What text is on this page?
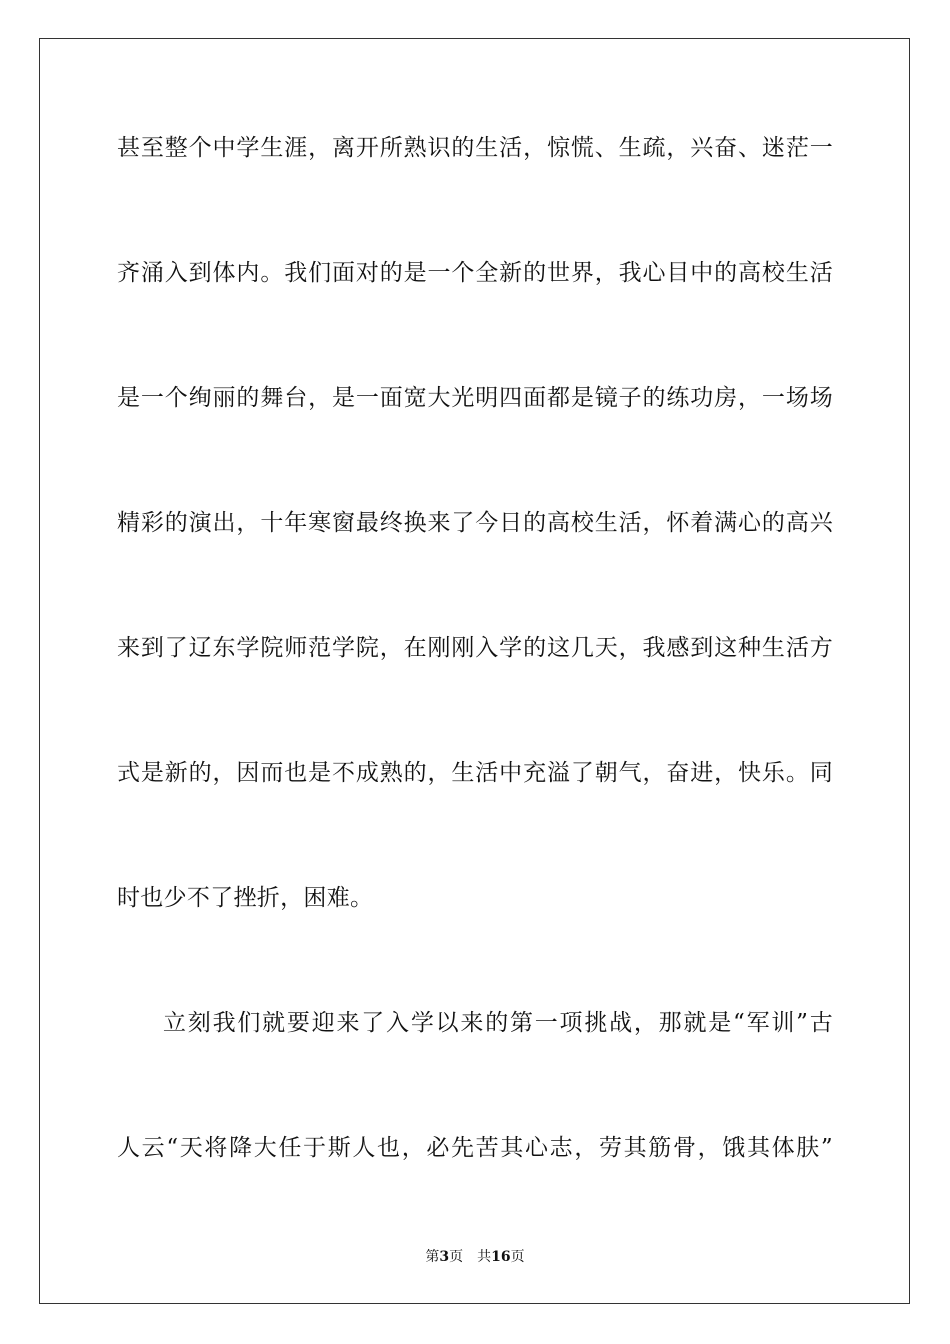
甚至整个中学生涯，离开所熟识的生活，惊慌、生疏，兴奋、迷茫一
齐涌入到体内。我们面对的是一个全新的世界，我心目中的高校生活
是一个绚丽的舞台，是一面宽大光明四面都是镜子的练功房，一场场
精彩的演出，十年寒窗最终换来了今日的高校生活，怀着满心的高兴
来到了辽东学院师范学院，在刚刚入学的这几天，我感到这种生活方
式是新的，因而也是不成熟的，生活中充溢了朝气，奋进，快乐。同
时也少不了挫折，困难。
立刻我们就要迎来了入学以来的第一项挑战，那就是“军训”古
人云“天将降大任于斯人也，必先苦其心志，劳其筋骨，饿其体肤”
第3页 共16页
